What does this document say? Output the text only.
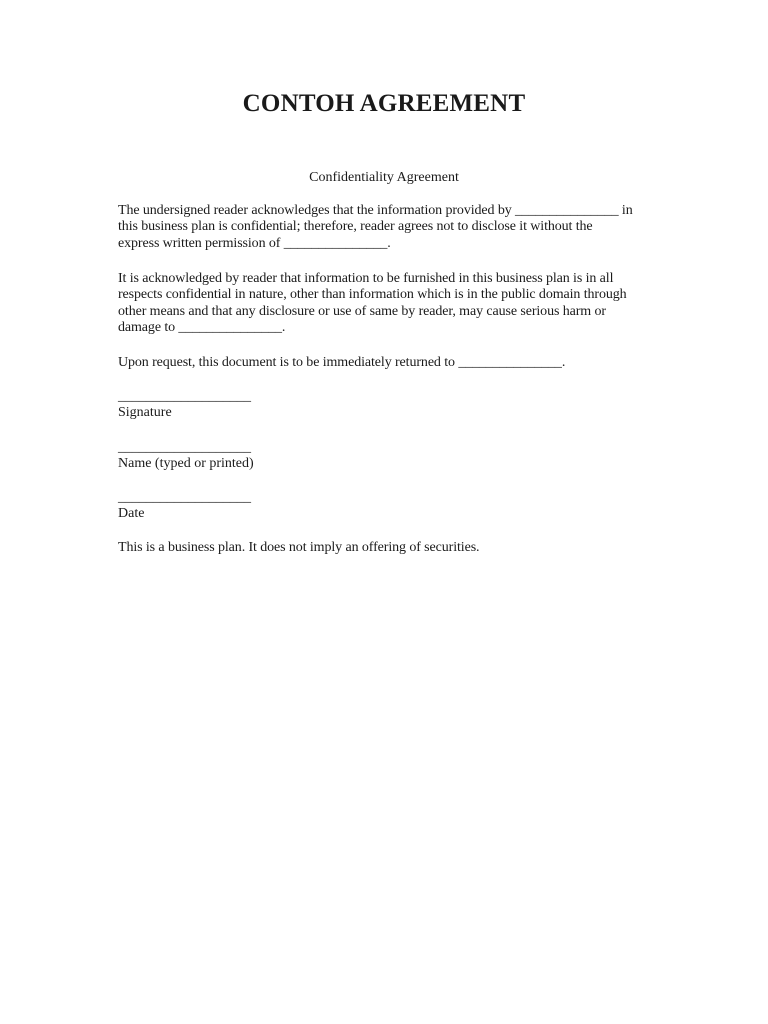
CONTOH AGREEMENT

Confidentiality Agreement

The undersigned reader acknowledges that the information provided by _______________ in
this business plan is confidential; therefore, reader agrees not to disclose it without the
express written permission of _______________.

It is acknowledged by reader that information to be furnished in this business plan is in all
respects confidential in nature, other than information which is in the public domain through
other means and that any disclosure or use of same by reader, may cause serious harm or
damage to _______________.

Upon request, this document is to be immediately returned to _______________.

___________________
Signature
___________________
Name (typed or printed)
___________________
Date

This is a business plan. It does not imply an offering of securities.
